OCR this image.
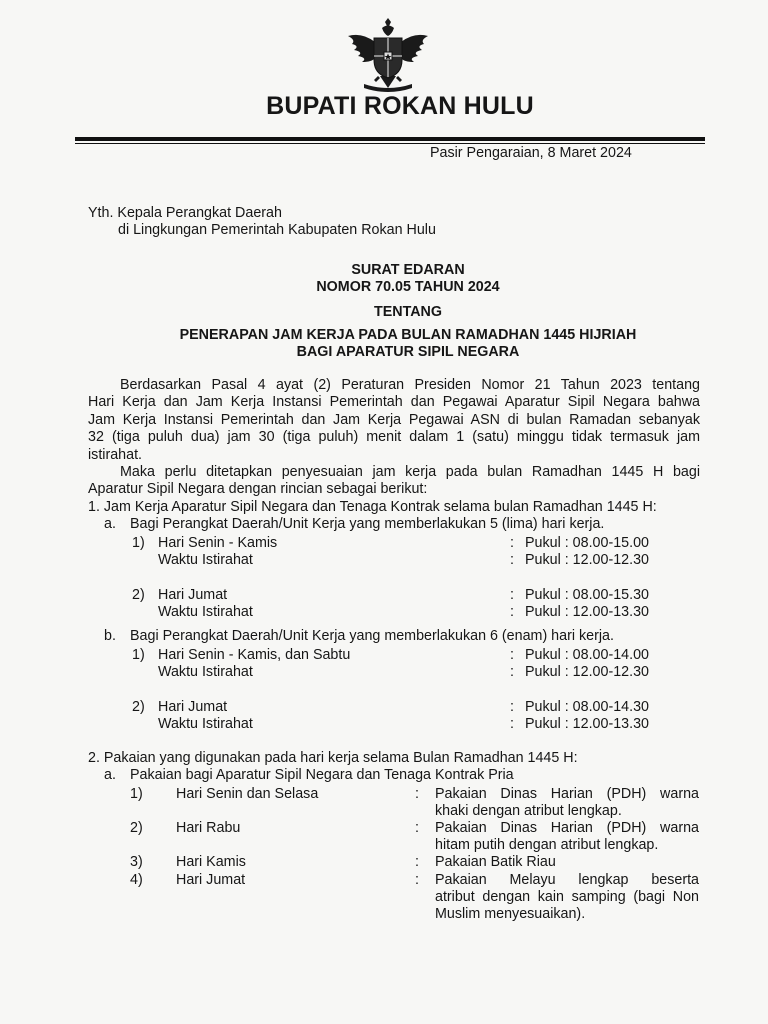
BUPATI ROKAN HULU
Pasir Pengaraian, 8 Maret 2024
Yth. Kepala Perangkat Daerah
di Lingkungan Pemerintah Kabupaten Rokan Hulu
SURAT EDARAN
NOMOR 70.05 TAHUN 2024
TENTANG
PENERAPAN JAM KERJA PADA BULAN RAMADHAN 1445 HIJRIAH
BAGI APARATUR SIPIL NEGARA
Berdasarkan Pasal 4 ayat (2) Peraturan Presiden Nomor 21 Tahun 2023 tentang
Hari Kerja dan Jam Kerja Instansi Pemerintah dan Pegawai Aparatur Sipil Negara bahwa
Jam Kerja Instansi Pemerintah dan Jam Kerja Pegawai ASN di bulan Ramadan sebanyak
32 (tiga puluh dua) jam 30 (tiga puluh) menit dalam 1 (satu) minggu tidak termasuk jam
istirahat.
Maka perlu ditetapkan penyesuaian jam kerja pada bulan Ramadhan 1445 H bagi
Aparatur Sipil Negara dengan rincian sebagai berikut:
1. Jam Kerja Aparatur Sipil Negara dan Tenaga Kontrak selama bulan Ramadhan 1445 H:
a. Bagi Perangkat Daerah/Unit Kerja yang memberlakukan 5 (lima) hari kerja.
1) Hari Senin - Kamis	: Pukul : 08.00-15.00
Waktu Istirahat	: Pukul : 12.00-12.30
2) Hari Jumat	: Pukul : 08.00-15.30
Waktu Istirahat	: Pukul : 12.00-13.30
b. Bagi Perangkat Daerah/Unit Kerja yang memberlakukan 6 (enam) hari kerja.
1) Hari Senin - Kamis, dan Sabtu	: Pukul : 08.00-14.00
Waktu Istirahat	: Pukul : 12.00-12.30
2) Hari Jumat	: Pukul : 08.00-14.30
Waktu Istirahat	: Pukul : 12.00-13.30
2. Pakaian yang digunakan pada hari kerja selama Bulan Ramadhan 1445 H:
a. Pakaian bagi Aparatur Sipil Negara dan Tenaga Kontrak Pria
1) Hari Senin dan Selasa	: Pakaian Dinas Harian (PDH) warna
khaki dengan atribut lengkap.
2) Hari Rabu	: Pakaian Dinas Harian (PDH) warna
hitam putih dengan atribut lengkap.
3) Hari Kamis	: Pakaian Batik Riau
4) Hari Jumat	: Pakaian Melayu lengkap beserta
atribut dengan kain samping (bagi Non
Muslim menyesuaikan).
